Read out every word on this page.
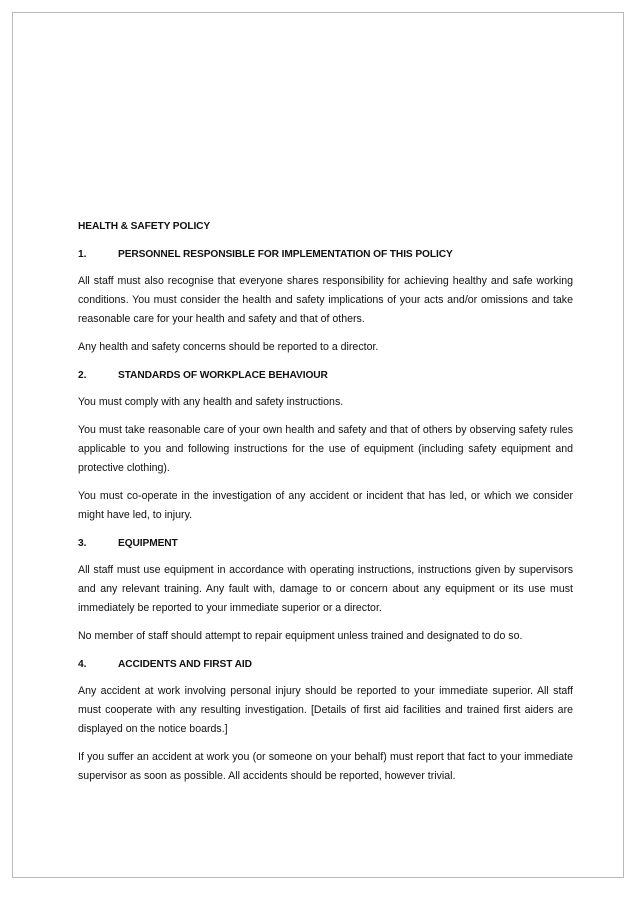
HEALTH & SAFETY POLICY
1.	PERSONNEL RESPONSIBLE FOR IMPLEMENTATION OF THIS POLICY

All staff must also recognise that everyone shares responsibility for achieving healthy and safe working conditions. You must consider the health and safety implications of your acts and/or omissions and take reasonable care for your health and safety and that of others.

Any health and safety concerns should be reported to a director.

2.	STANDARDS OF WORKPLACE BEHAVIOUR

You must comply with any health and safety instructions.

You must take reasonable care of your own health and safety and that of others by observing safety rules applicable to you and following instructions for the use of equipment (including safety equipment and protective clothing).

You must co-operate in the investigation of any accident or incident that has led, or which we consider might have led, to injury.

3.	EQUIPMENT

All staff must use equipment in accordance with operating instructions, instructions given by supervisors and any relevant training. Any fault with, damage to or concern about any equipment or its use must immediately be reported to your immediate superior or a director.

No member of staff should attempt to repair equipment unless trained and designated to do so.

4.	ACCIDENTS AND FIRST AID

Any accident at work involving personal injury should be reported to your immediate superior. All staff must cooperate with any resulting investigation. [Details of first aid facilities and trained first aiders are displayed on the notice boards.]

If you suffer an accident at work you (or someone on your behalf) must report that fact to your immediate supervisor as soon as possible. All accidents should be reported, however trivial.
